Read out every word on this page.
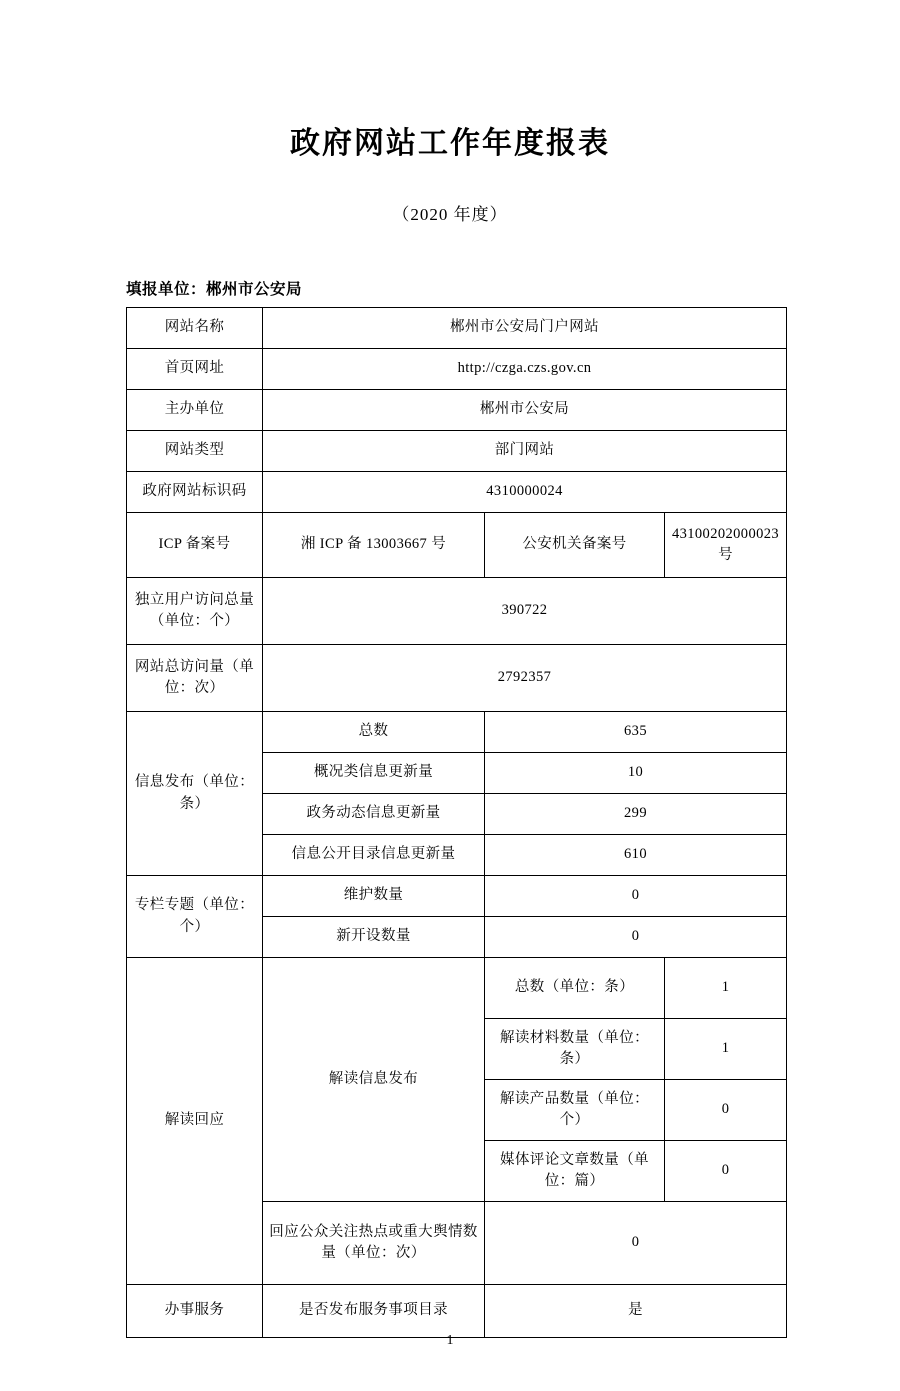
政府网站工作年度报表
（2020 年度）
填报单位：郴州市公安局
网站名称	郴州市公安局门户网站		
首页网址	http://czga.czs.gov.cn		
主办单位	郴州市公安局		
网站类型	部门网站		
政府网站标识码	4310000024		
ICP 备案号	湘 ICP 备 13003667 号	公安机关备案号	43100202000023 号
独立用户访问总量（单位：个）	390722		
网站总访问量（单位：次）	2792357		
信息发布（单位：条）	总数	635	
	概况类信息更新量	10	
	政务动态信息更新量	299	
	信息公开目录信息更新量	610	
专栏专题（单位：个）	维护数量	0	
	新开设数量	0	
解读回应	解读信息发布	总数（单位：条）	1
		解读材料数量（单位：条）	1
		解读产品数量（单位：个）	0
		媒体评论文章数量（单位：篇）	0
	回应公众关注热点或重大舆情数量（单位：次）	0	
办事服务	是否发布服务事项目录	是	
1
